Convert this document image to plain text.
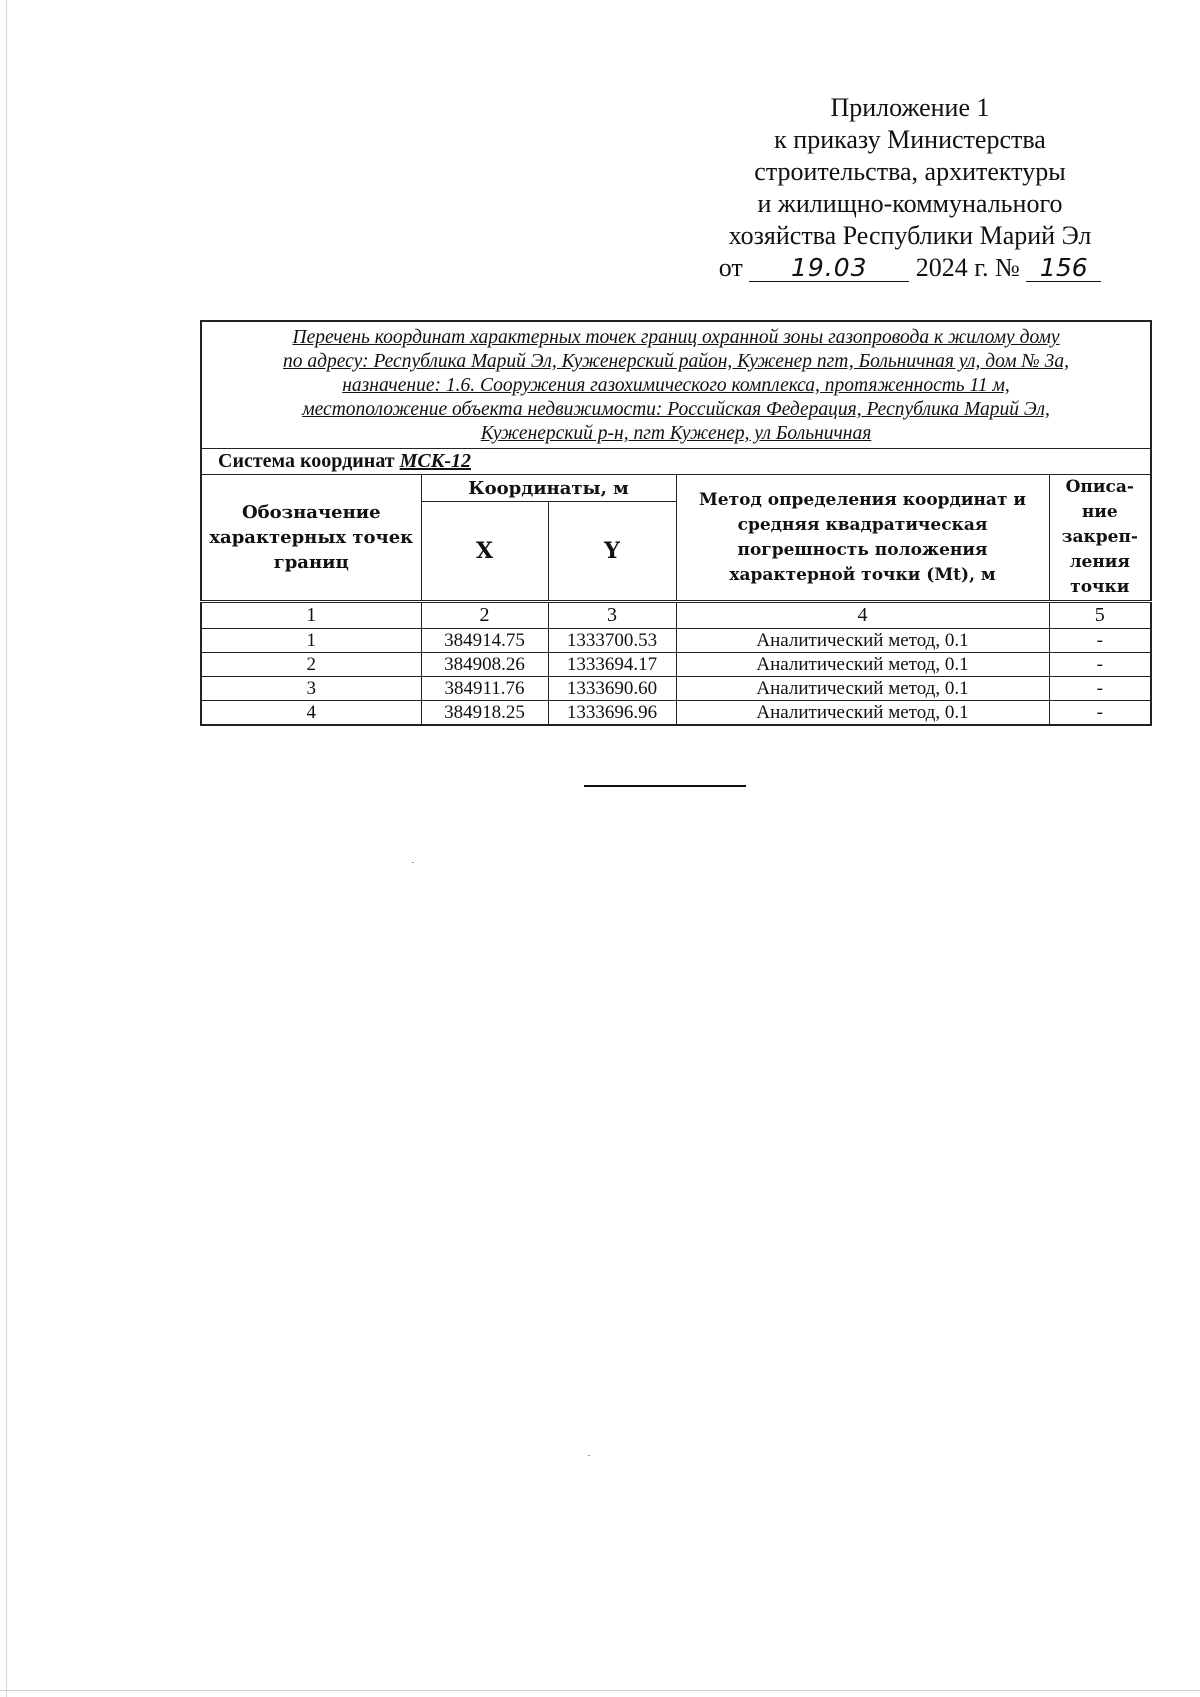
Приложение 1
к приказу Министерства
строительства, архитектуры
и жилищно-коммунального
хозяйства Республики Марий Эл
от 19.03 2024 г. № 156
Перечень координат характерных точек границ охранной зоны газопровода к жилому дому
по адресу: Республика Марий Эл, Куженерский район, Куженер пгт, Больничная ул, дом № 3а,
назначение: 1.6. Сооружения газохимического комплекса, протяженность 11 м,
местоположение объекта недвижимости: Российская Федерация, Республика Марий Эл,
Куженерский р-н, пгт Куженер, ул Больничная				

Система координат МСК-12				
Обозначение характерных точек границ	Координаты, м		Метод определения координат и средняя квадратическая погрешность положения характерной точки (Mt), м	Описа-ние закреп-ления точки
	X	Y		
1	2	3	4	5
1	384914.75	1333700.53	Аналитический метод, 0.1	-
2	384908.26	1333694.17	Аналитический метод, 0.1	-
3	384911.76	1333690.60	Аналитический метод, 0.1	-
4	384918.25	1333696.96	Аналитический метод, 0.1	-
